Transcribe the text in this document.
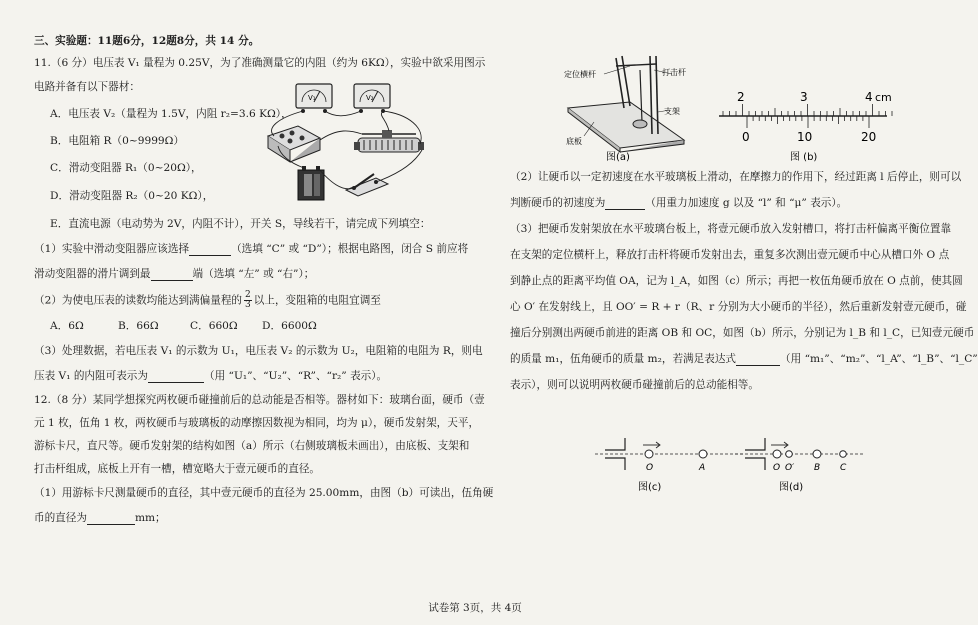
三、实验题：11题6分，12题8分，共 14 分。

11.（6 分）电压表 V₁ 量程为 0.25V，为了准确测量它的内阻（约为 6KΩ），实验中欲采用图示

电路并备有以下器材：

A．电压表 V₂（量程为 1.5V，内阻 r₂=3.6 KΩ），

B．电阻箱 R（0~9999Ω）

C．滑动变阻器 R₁（0~20Ω），

D．滑动变阻器 R₂（0~20 KΩ），

E．直流电源（电动势为 2V，内阻不计），开关 S，导线若干，请完成下列填空：

（1）实验中滑动变阻器应该选择	（选填 “C” 或 “D”）；根据电路图，闭合 S 前应将

滑动变阻器的滑片调到最	端（选填 “左” 或 “右”）；

（2）为使电压表的读数均能达到满偏量程的 $\frac{2}{3}$ 以上，变阻箱的电阻宜调至

A．6Ω	B．66Ω	C．660Ω D．6600Ω

（3）处理数据，若电压表 V₁ 的示数为 U₁，电压表 V₂ 的示数为 U₂，电阻箱的电阻为 R，则电

压表 V₁ 的内阻可表示为	（用 “U₁”、“U₂”、“R”、“r₂” 表示）。

12.（8 分）某同学想探究两枚硬币碰撞前后的总动能是否相等。器材如下：玻璃台面，硬币（壹

元 1 枚，伍角 1 枚，两枚硬币与玻璃板的动摩擦因数视为相同，均为 μ），硬币发射架，天平，

游标卡尺，直尺等。硬币发射架的结构如图（a）所示（右侧玻璃板未画出），由底板、支架和

打击杆组成，底板上开有一槽，槽宽略大于壹元硬币的直径。

（1）用游标卡尺测量硬币的直径，其中壹元硬币的直径为 25.00mm，由图（b）可读出，伍角硬

币的直径为	mm；

V₁	V₂
定位横杆	打击杆
支架
底板
图(a)
2	3	4 cm
0	10	20
图 (b)

（2）让硬币以一定初速度在水平玻璃板上滑动，在摩擦力的作用下，经过距离 l 后停止，则可以

判断硬币的初速度为	（用重力加速度 g 以及 “l” 和 “μ” 表示）。

（3）把硬币发射架放在水平玻璃台板上，将壹元硬币放入发射槽口，将打击杆偏离平衡位置靠

在支架的定位横杆上，释放打击杆将硬币发射出去，重复多次测出壹元硬币中心从槽口外 O 点

到静止点的距离平均值 OA，记为 l_A，如图（c）所示；再把一枚伍角硬币放在 O 点前，使其圆

心 O′ 在发射线上，且 OO′ = R + r（R、r 分别为大小硬币的半径），然后重新发射壹元硬币，碰

撞后分别测出两硬币前进的距离 OB 和 OC，如图（b）所示，分别记为 l_B 和 l_C，已知壹元硬币

的质量 m₁，伍角硬币的质量 m₂，若满足表达式	（用 “m₁”、“m₂”、“l_A”、“l_B”、“l_C”

表示），则可以说明两枚硬币碰撞前后的总动能相等。

O	A
图(c)
O O′ B C
图(d)
试卷第 3页，共 4页
